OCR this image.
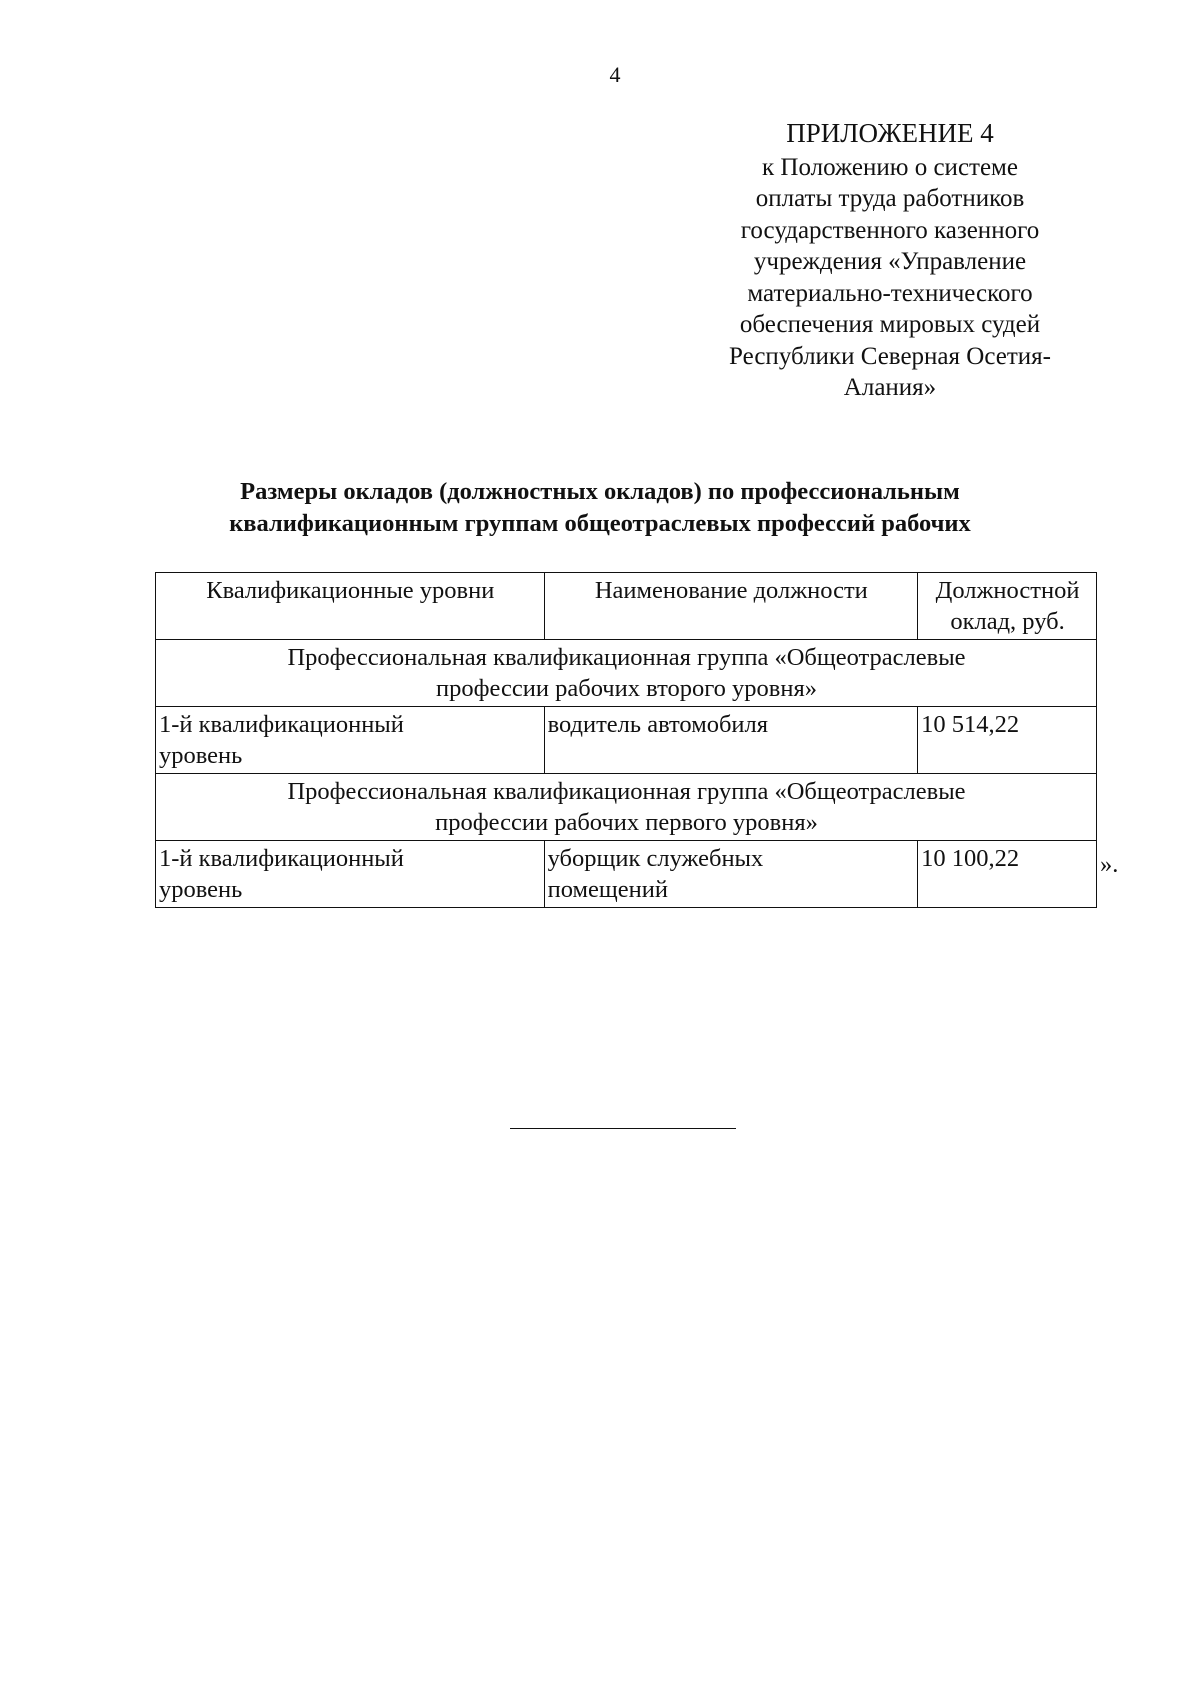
4
ПРИЛОЖЕНИЕ 4
к Положению о системе
оплаты труда работников
государственного казенного
учреждения «Управление
материально-технического
обеспечения мировых судей
Республики Северная Осетия-
Алания»
Размеры окладов (должностных окладов) по профессиональным
квалификационным группам общеотраслевых профессий рабочих
Квалификационные уровни	Наименование должности	Должностной
оклад, руб.

Профессиональная квалификационная группа «Общеотраслевые
профессии рабочих второго уровня»		

1-й квалификационный
уровень	водитель автомобиля	10 514,22

Профессиональная квалификационная группа «Общеотраслевые
профессии рабочих первого уровня»		

1-й квалификационный
уровень	уборщик служебных
помещений	10 100,22	».
